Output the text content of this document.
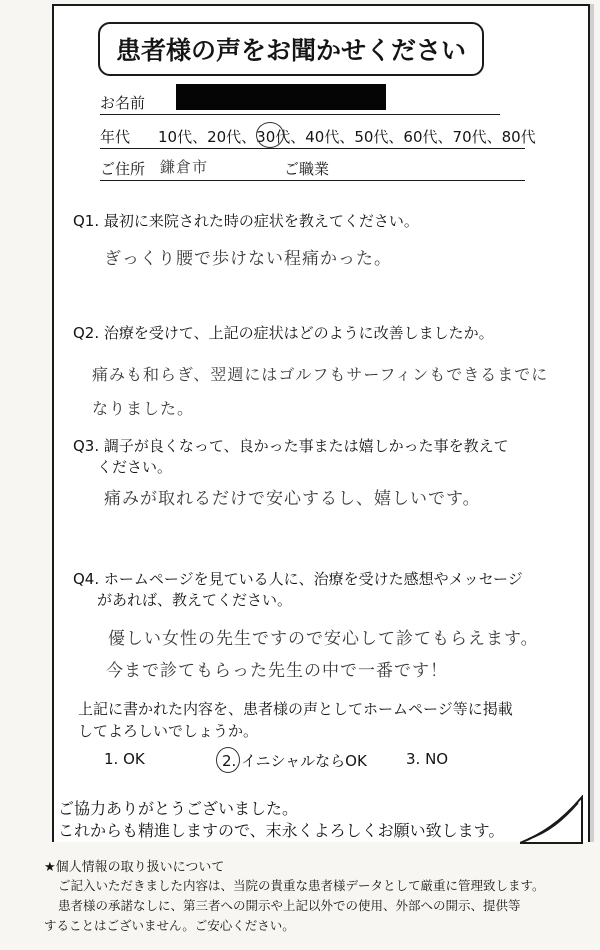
患者様の声をお聞かせください
お名前
年代 10代、20代、30代、40代、50代、60代、70代、80代
ご住所 鎌倉市	ご職業
Q1. 最初に来院された時の症状を教えてください。
ぎっくり腰で歩けない程痛かった。
Q2. 治療を受けて、上記の症状はどのように改善しましたか。
痛みも和らぎ、翌週にはゴルフもサーフィンもできるまでに
なりました。
Q3. 調子が良くなって、良かった事または嬉しかった事を教えて
ください。
痛みが取れるだけで安心するし、嬉しいです。
Q4. ホームページを見ている人に、治療を受けた感想やメッセージ
があれば、教えてください。
優しい女性の先生ですので安心して診てもらえます。
今まで診てもらった先生の中で一番です！
上記に書かれた内容を、患者様の声としてホームページ等に掲載
してよろしいでしょうか。
1. OK	2. イニシャルならOK	3. NO
ご協力ありがとうございました。
これからも精進しますので、末永くよろしくお願い致します。
★個人情報の取り扱いについて
ご記入いただきました内容は、当院の貴重な患者様データとして厳重に管理致します。
患者様の承諾なしに、第三者への開示や上記以外での使用、外部への開示、提供等
することはございません。ご安心ください。
